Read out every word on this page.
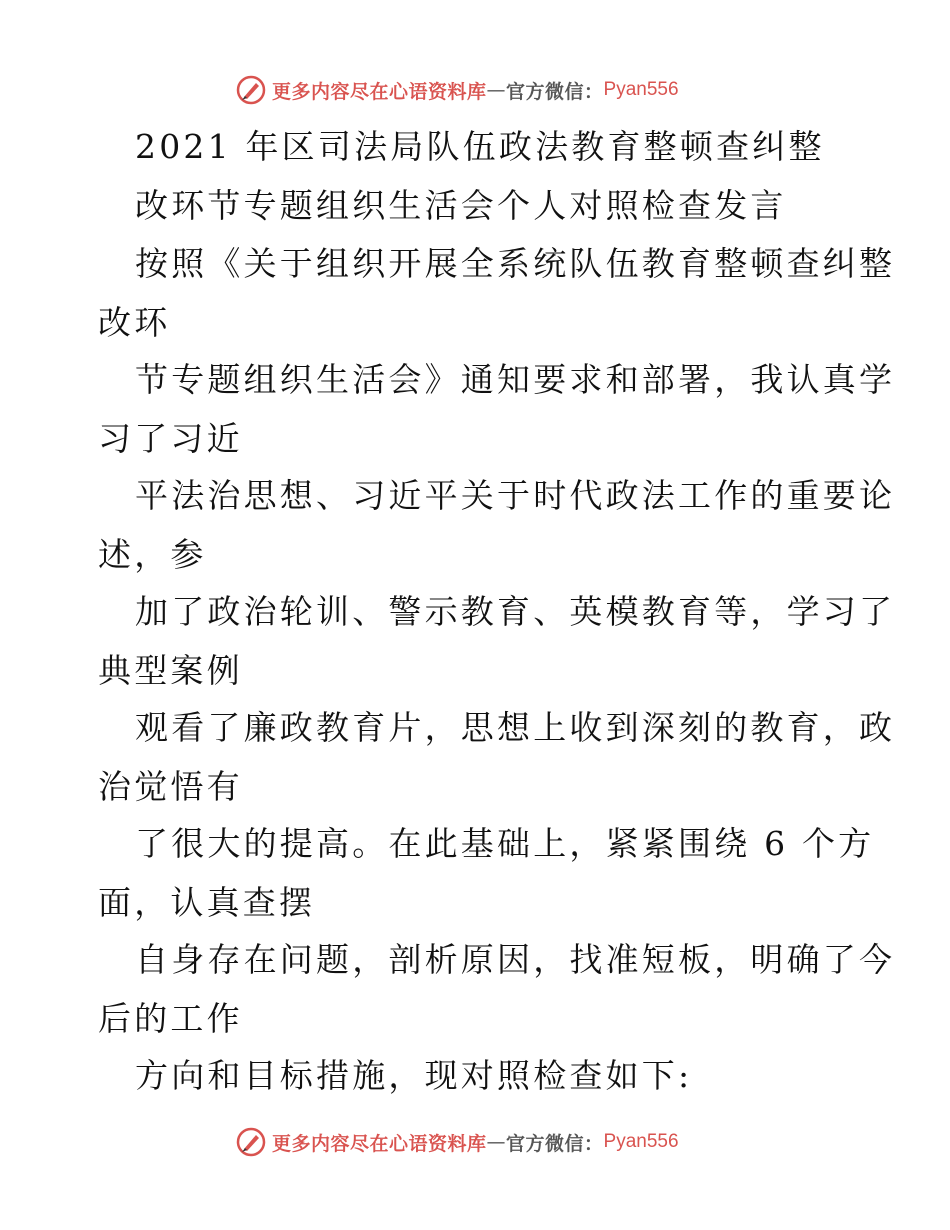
更多内容尽在心语资料库 — 官方微信： Pyan556
2021 年区司法局队伍政法教育整顿查纠整
改环节专题组织生活会个人对照检查发言
按照《关于组织开展全系统队伍教育整顿查纠整
改环
节专题组织生活会》通知要求和部署，我认真学
习了习近
平法治思想、习近平关于时代政法工作的重要论
述，参
加了政治轮训、警示教育、英模教育等，学习了
典型案例
观看了廉政教育片，思想上收到深刻的教育，政
治觉悟有
了很大的提高。在此基础上，紧紧围绕 6 个方
面，认真查摆
自身存在问题，剖析原因，找准短板，明确了今
后的工作
方向和目标措施，现对照检查如下:
更多内容尽在心语资料库 — 官方微信： Pyan556
